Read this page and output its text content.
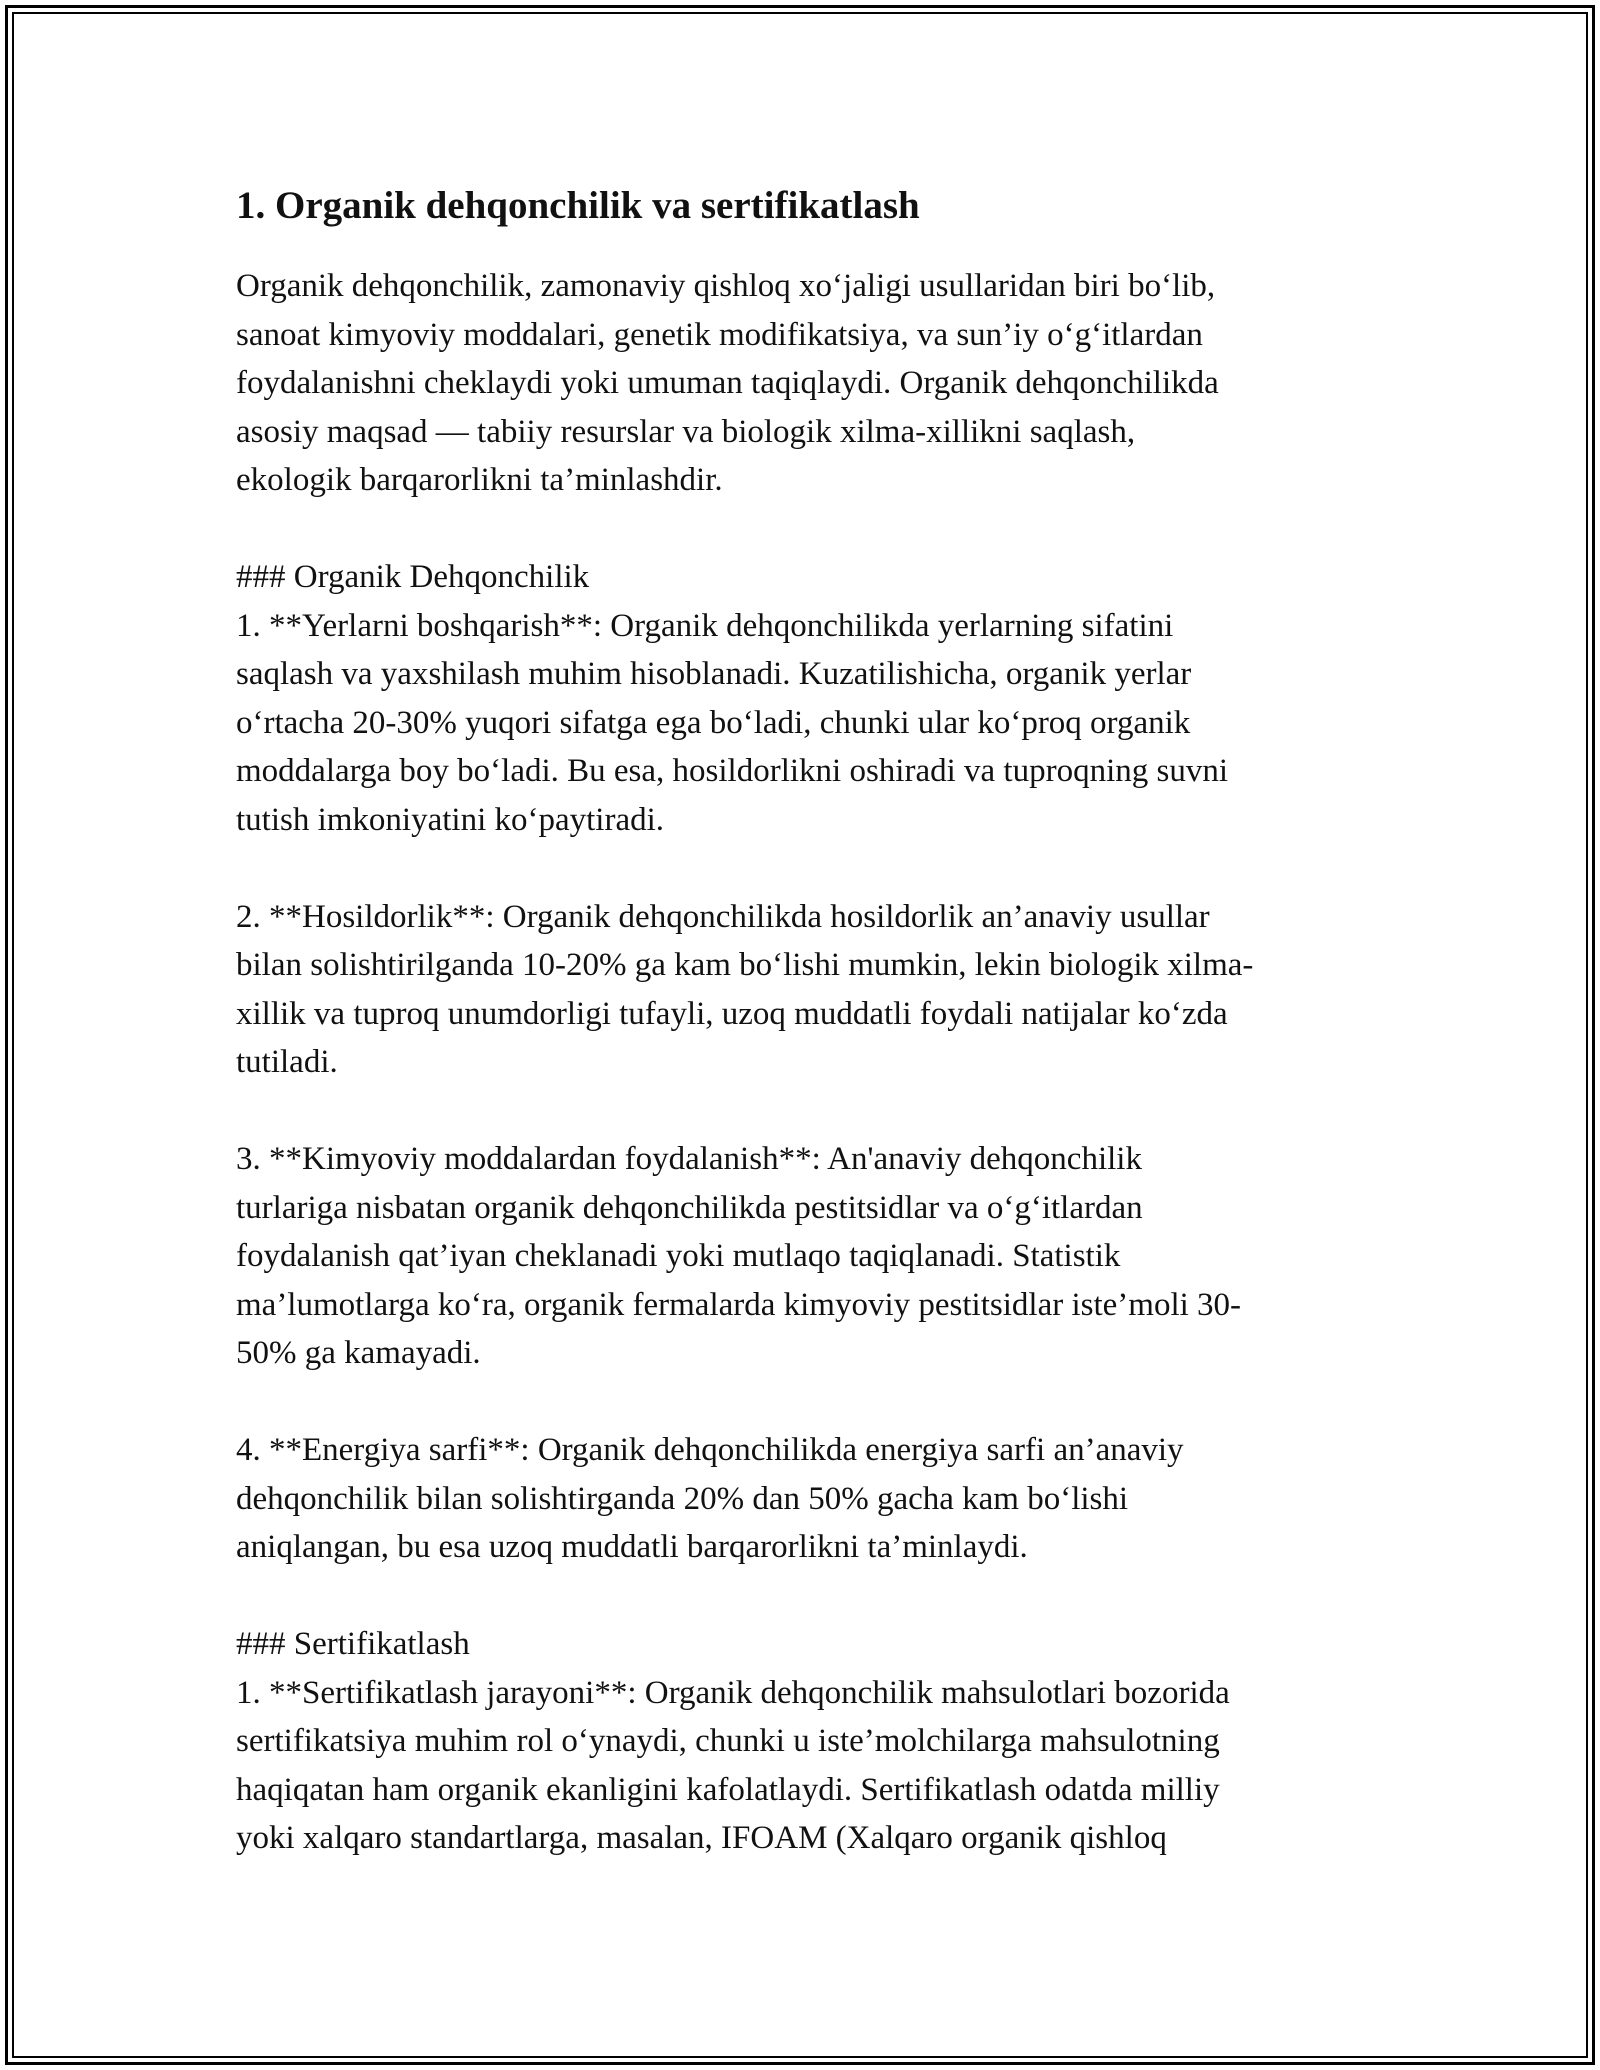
1. Organik dehqonchilik va sertifikatlash

Organik dehqonchilik, zamonaviy qishloq xo‘jaligi usullaridan biri bo‘lib,
sanoat kimyoviy moddalari, genetik modifikatsiya, va sun’iy o‘g‘itlardan
foydalanishni cheklaydi yoki umuman taqiqlaydi. Organik dehqonchilikda
asosiy maqsad — tabiiy resurslar va biologik xilma-xillikni saqlash,
ekologik barqarorlikni ta’minlashdir.

### Organik Dehqonchilik
1. **Yerlarni boshqarish**: Organik dehqonchilikda yerlarning sifatini
saqlash va yaxshilash muhim hisoblanadi. Kuzatilishicha, organik yerlar
o‘rtacha 20-30% yuqori sifatga ega bo‘ladi, chunki ular ko‘proq organik
moddalarga boy bo‘ladi. Bu esa, hosildorlikni oshiradi va tuproqning suvni
tutish imkoniyatini ko‘paytiradi.

2. **Hosildorlik**: Organik dehqonchilikda hosildorlik an’anaviy usullar
bilan solishtirilganda 10-20% ga kam bo‘lishi mumkin, lekin biologik xilma-
xillik va tuproq unumdorligi tufayli, uzoq muddatli foydali natijalar ko‘zda
tutiladi.

3. **Kimyoviy moddalardan foydalanish**: An'anaviy dehqonchilik
turlariga nisbatan organik dehqonchilikda pestitsidlar va o‘g‘itlardan
foydalanish qat’iyan cheklanadi yoki mutlaqo taqiqlanadi. Statistik
ma’lumotlarga ko‘ra, organik fermalarda kimyoviy pestitsidlar iste’moli 30-
50% ga kamayadi.

4. **Energiya sarfi**: Organik dehqonchilikda energiya sarfi an’anaviy
dehqonchilik bilan solishtirganda 20% dan 50% gacha kam bo‘lishi
aniqlangan, bu esa uzoq muddatli barqarorlikni ta’minlaydi.

### Sertifikatlash
1. **Sertifikatlash jarayoni**: Organik dehqonchilik mahsulotlari bozorida
sertifikatsiya muhim rol o‘ynaydi, chunki u iste’molchilarga mahsulotning
haqiqatan ham organik ekanligini kafolatlaydi. Sertifikatlash odatda milliy
yoki xalqaro standartlarga, masalan, IFOAM (Xalqaro organik qishloq
